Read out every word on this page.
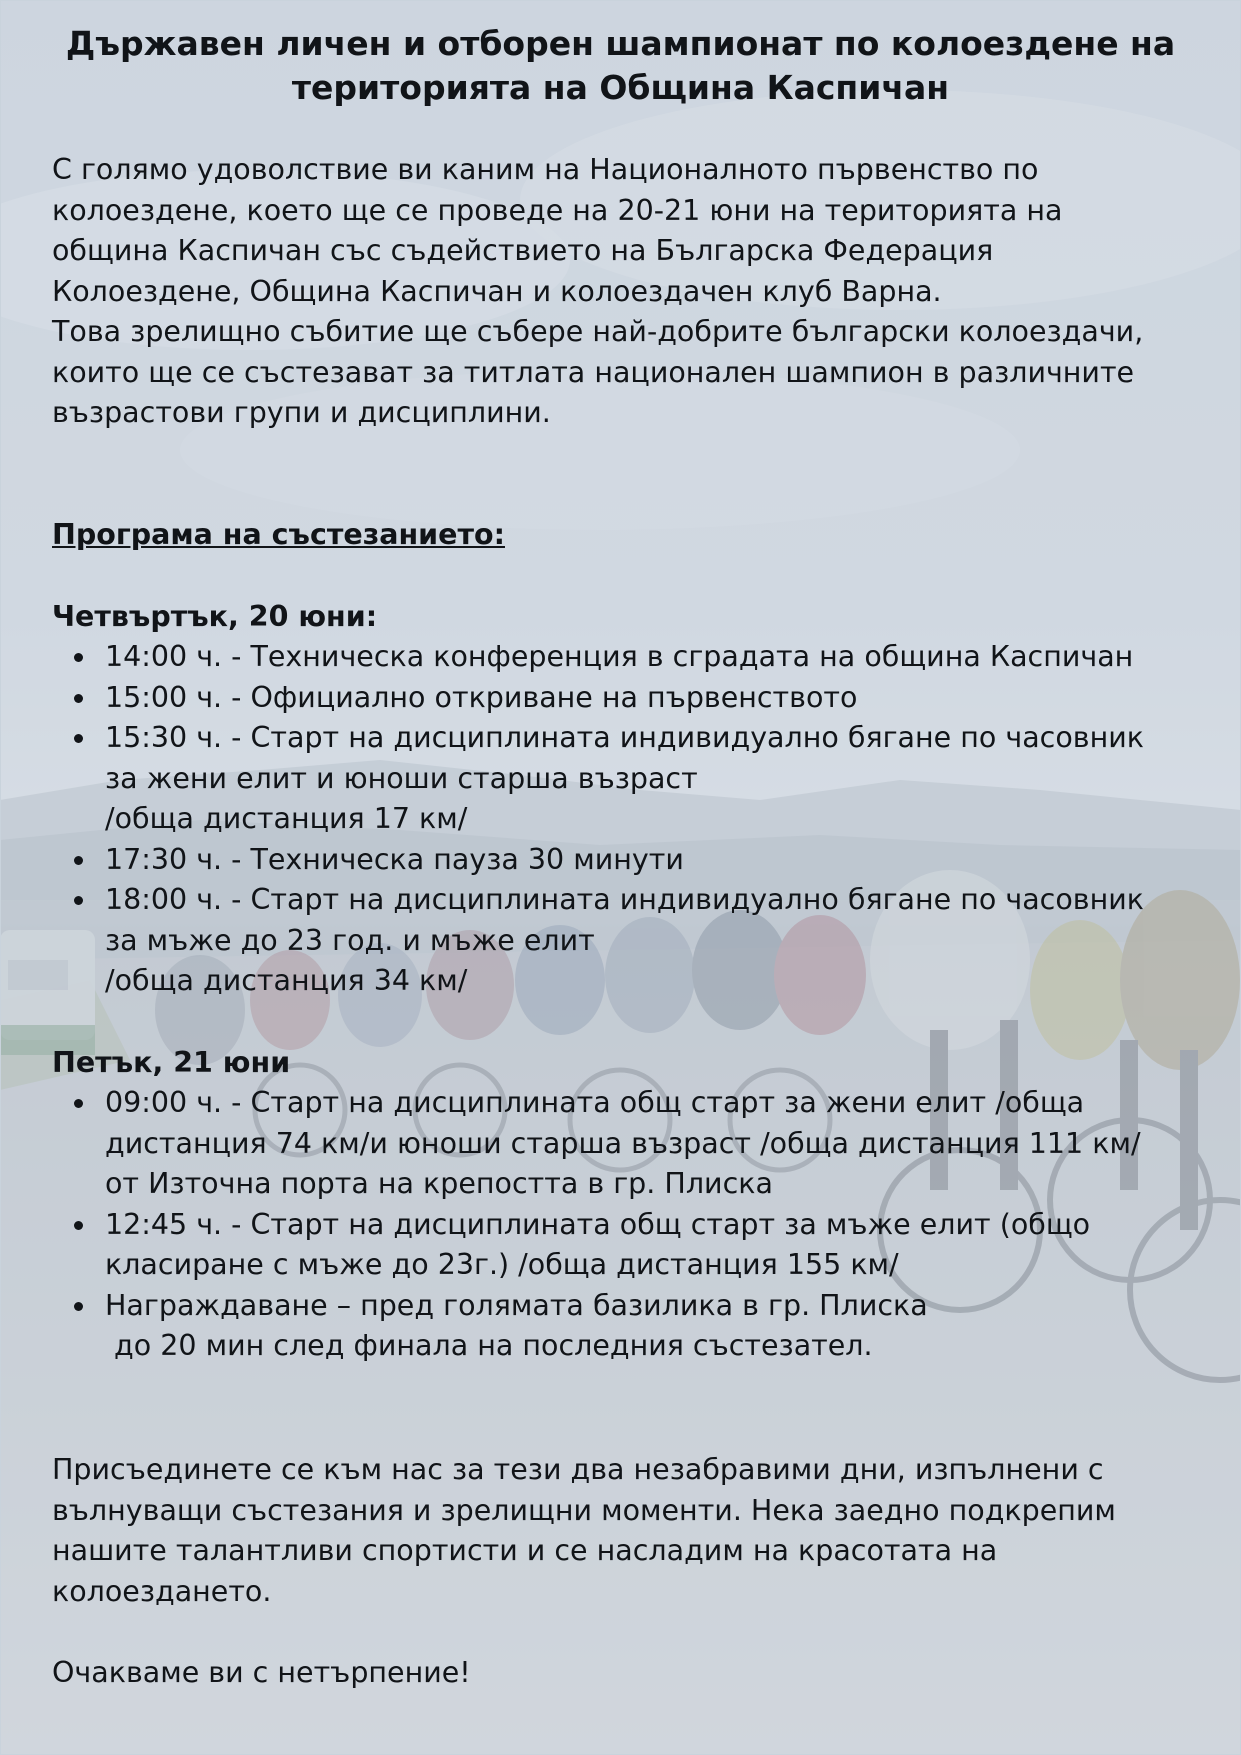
Държавен личен и отборен шампионат по колоездене на
територията на Община Каспичан

С голямо удоволствие ви каним на Националното първенство по
колоездене, което ще се проведе на 20-21 юни на територията на
община Каспичан със съдействието на Българска Федерация
Колоездене, Община Каспичан и колоездачен клуб Варна.
Това зрелищно събитие ще събере най-добрите български колоездачи,
които ще се състезават за титлата национален шампион в различните
възрастови групи и дисциплини.

Програма на състезанието:

Четвъртък, 20 юни:

14:00 ч. - Техническа конференция в сградата на община Каспичан
15:00 ч. - Официално откриване на първенството
15:30 ч. - Старт на дисциплината индивидуално бягане по часовник
за жени елит и юноши старша възраст
/обща дистанция 17 км/
17:30 ч. - Техническа пауза 30 минути
18:00 ч. - Старт на дисциплината индивидуално бягане по часовник
за мъже до 23 год. и мъже елит
/обща дистанция 34 км/

Петък, 21 юни

09:00 ч. - Старт на дисциплината общ старт за жени елит /обща
дистанция 74 км/и юноши старша възраст /обща дистанция 111 км/
от Източна порта на крепостта в гр. Плиска
12:45 ч. - Старт на дисциплината общ старт за мъже елит (общо
класиране с мъже до 23г.) /обща дистанция 155 км/
Награждаване – пред голямата базилика в гр. Плиска
до 20 мин след финала на последния състезател.

Присъединете се към нас за тези два незабравими дни, изпълнени с
вълнуващи състезания и зрелищни моменти. Нека заедно подкрепим
нашите талантливи спортисти и се насладим на красотата на
колоездането.

Очакваме ви с нетърпение!
